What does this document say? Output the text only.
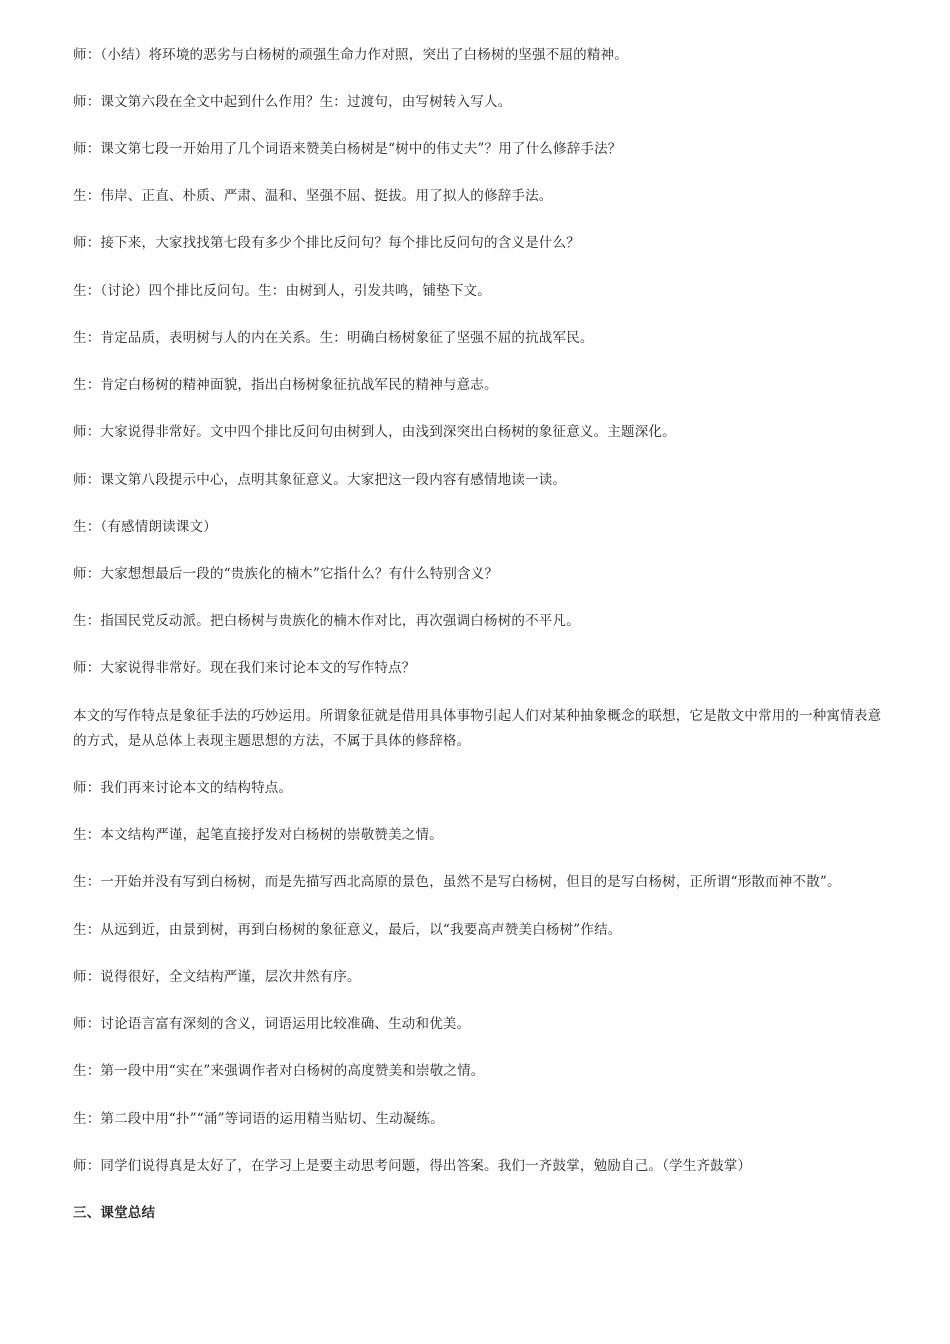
师：（小结）将环境的恶劣与白杨树的顽强生命力作对照，突出了白杨树的坚强不屈的精神。

师：课文第六段在全文中起到什么作用？生：过渡句，由写树转入写人。

师：课文第七段一开始用了几个词语来赞美白杨树是“树中的伟丈夫”？用了什么修辞手法？

生：伟岸、正直、朴质、严肃、温和、坚强不屈、挺拔。用了拟人的修辞手法。

师：接下来，大家找找第七段有多少个排比反问句？每个排比反问句的含义是什么？

生：（讨论）四个排比反问句。生：由树到人，引发共鸣，铺垫下文。

生：肯定品质，表明树与人的内在关系。生：明确白杨树象征了坚强不屈的抗战军民。

生：肯定白杨树的精神面貌，指出白杨树象征抗战军民的精神与意志。

师：大家说得非常好。文中四个排比反问句由树到人，由浅到深突出白杨树的象征意义。主题深化。

师：课文第八段提示中心，点明其象征意义。大家把这一段内容有感情地读一读。

生：（有感情朗读课文）

师：大家想想最后一段的“贵族化的楠木”它指什么？有什么特别含义？

生：指国民党反动派。把白杨树与贵族化的楠木作对比，再次强调白杨树的不平凡。

师：大家说得非常好。现在我们来讨论本文的写作特点？

本文的写作特点是象征手法的巧妙运用。所谓象征就是借用具体事物引起人们对某种抽象概念的联想，它是散文中常用的一种寓情表意的方式，是从总体上表现主题思想的方法，不属于具体的修辞格。

师：我们再来讨论本文的结构特点。

生：本文结构严谨，起笔直接抒发对白杨树的崇敬赞美之情。

生：一开始并没有写到白杨树，而是先描写西北高原的景色，虽然不是写白杨树，但目的是写白杨树，正所谓“形散而神不散”。

生：从远到近，由景到树，再到白杨树的象征意义，最后，以“我要高声赞美白杨树”作结。

师：说得很好，全文结构严谨，层次井然有序。

师：讨论语言富有深刻的含义，词语运用比较准确、生动和优美。

生：第一段中用“实在”来强调作者对白杨树的高度赞美和崇敬之情。

生：第二段中用“扑”“涌”等词语的运用精当贴切、生动凝练。

师：同学们说得真是太好了，在学习上是要主动思考问题，得出答案。我们一齐鼓掌，勉励自己。（学生齐鼓掌）

三、课堂总结
